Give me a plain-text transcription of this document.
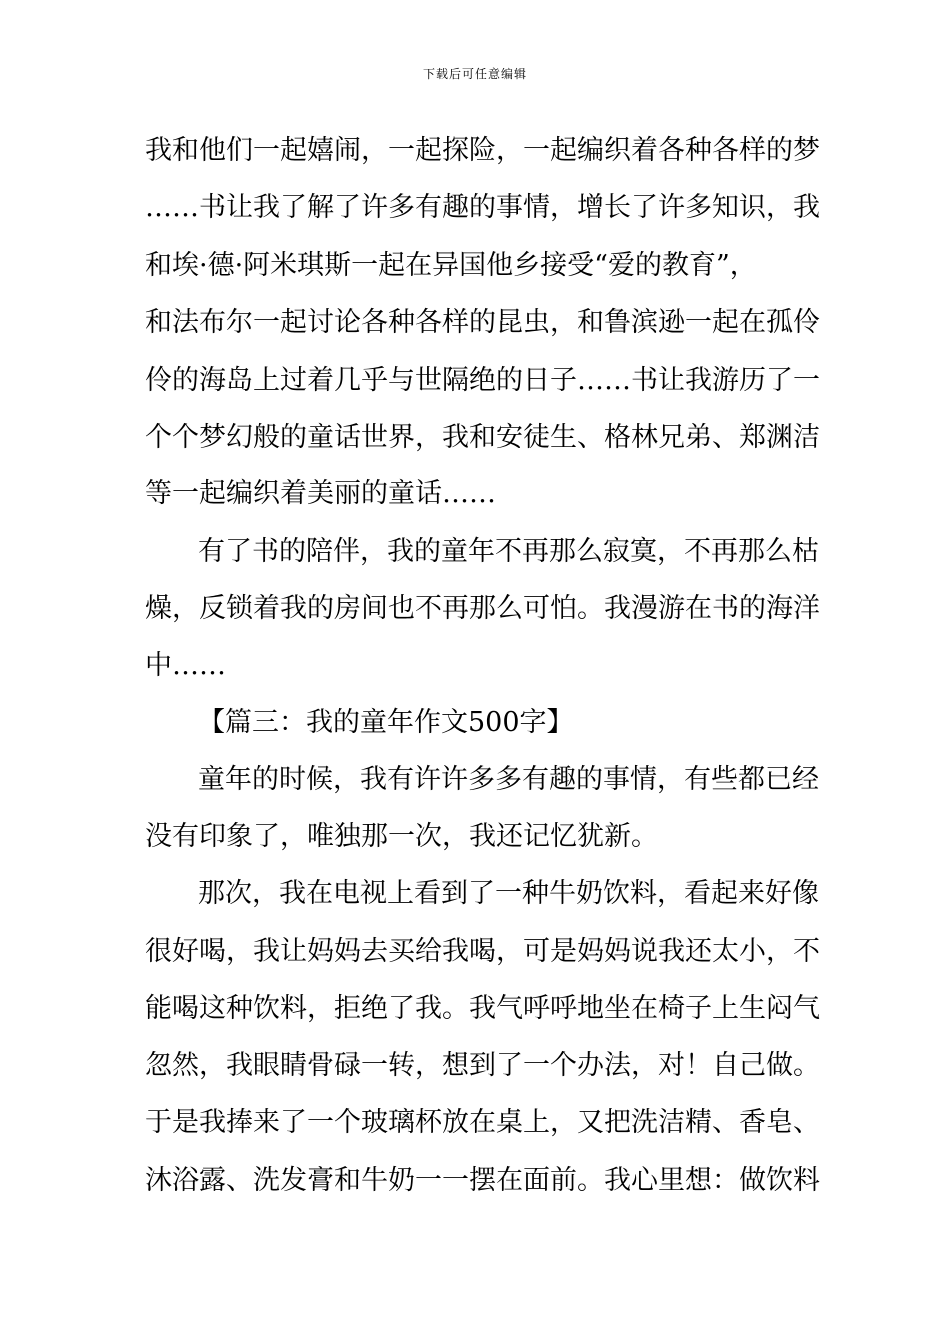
下载后可任意编辑
我和他们一起嬉闹，一起探险，一起编织着各种各样的梦
……书让我了解了许多有趣的事情，增长了许多知识，我
和埃·德·阿米琪斯一起在异国他乡接受“爱的教育”，
和法布尔一起讨论各种各样的昆虫，和鲁滨逊一起在孤伶
伶的海岛上过着几乎与世隔绝的日子……书让我游历了一
个个梦幻般的童话世界，我和安徒生、格林兄弟、郑渊洁
等一起编织着美丽的童话……
有了书的陪伴，我的童年不再那么寂寞，不再那么枯
燥，反锁着我的房间也不再那么可怕。我漫游在书的海洋
中……
【篇三：我的童年作文500字】
童年的时候，我有许许多多有趣的事情，有些都已经
没有印象了，唯独那一次，我还记忆犹新。
那次，我在电视上看到了一种牛奶饮料，看起来好像
很好喝，我让妈妈去买给我喝，可是妈妈说我还太小，不
能喝这种饮料，拒绝了我。我气呼呼地坐在椅子上生闷气
忽然，我眼睛骨碌一转，想到了一个办法，对！自己做。
于是我捧来了一个玻璃杯放在桌上，又把洗洁精、香皂、
沐浴露、洗发膏和牛奶一一摆在面前。我心里想：做饮料
